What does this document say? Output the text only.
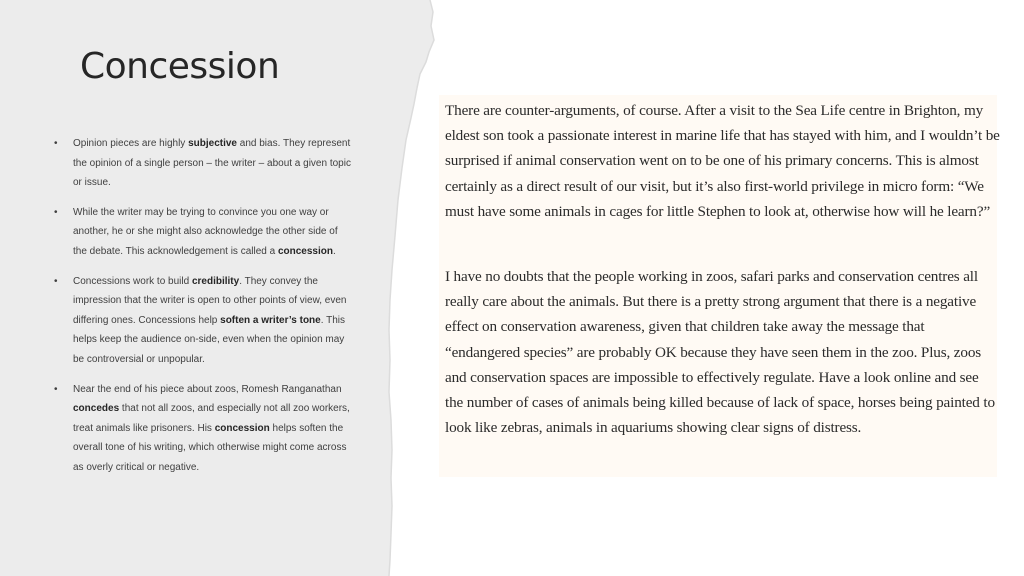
Concession
• Opinion pieces are highly subjective and bias. They represent the opinion of a single person – the writer – about a given topic or issue.
• While the writer may be trying to convince you one way or another, he or she might also acknowledge the other side of the debate. This acknowledgement is called a concession.
• Concessions work to build credibility. They convey the impression that the writer is open to other points of view, even differing ones. Concessions help soften a writer’s tone. This helps keep the audience on-side, even when the opinion may be controversial or unpopular.
• Near the end of his piece about zoos, Romesh Ranganathan concedes that not all zoos, and especially not all zoo workers, treat animals like prisoners. His concession helps soften the overall tone of his writing, which otherwise might come across as overly critical or negative.

There are counter-arguments, of course. After a visit to the Sea Life centre in Brighton, my eldest son took a passionate interest in marine life that has stayed with him, and I wouldn’t be surprised if animal conservation went on to be one of his primary concerns. This is almost certainly as a direct result of our visit, but it’s also first-world privilege in micro form: “We must have some animals in cages for little Stephen to look at, otherwise how will he learn?”

I have no doubts that the people working in zoos, safari parks and conservation centres all really care about the animals. But there is a pretty strong argument that there is a negative effect on conservation awareness, given that children take away the message that “endangered species” are probably OK because they have seen them in the zoo. Plus, zoos and conservation spaces are impossible to effectively regulate. Have a look online and see the number of cases of animals being killed because of lack of space, horses being painted to look like zebras, animals in aquariums showing clear signs of distress.
